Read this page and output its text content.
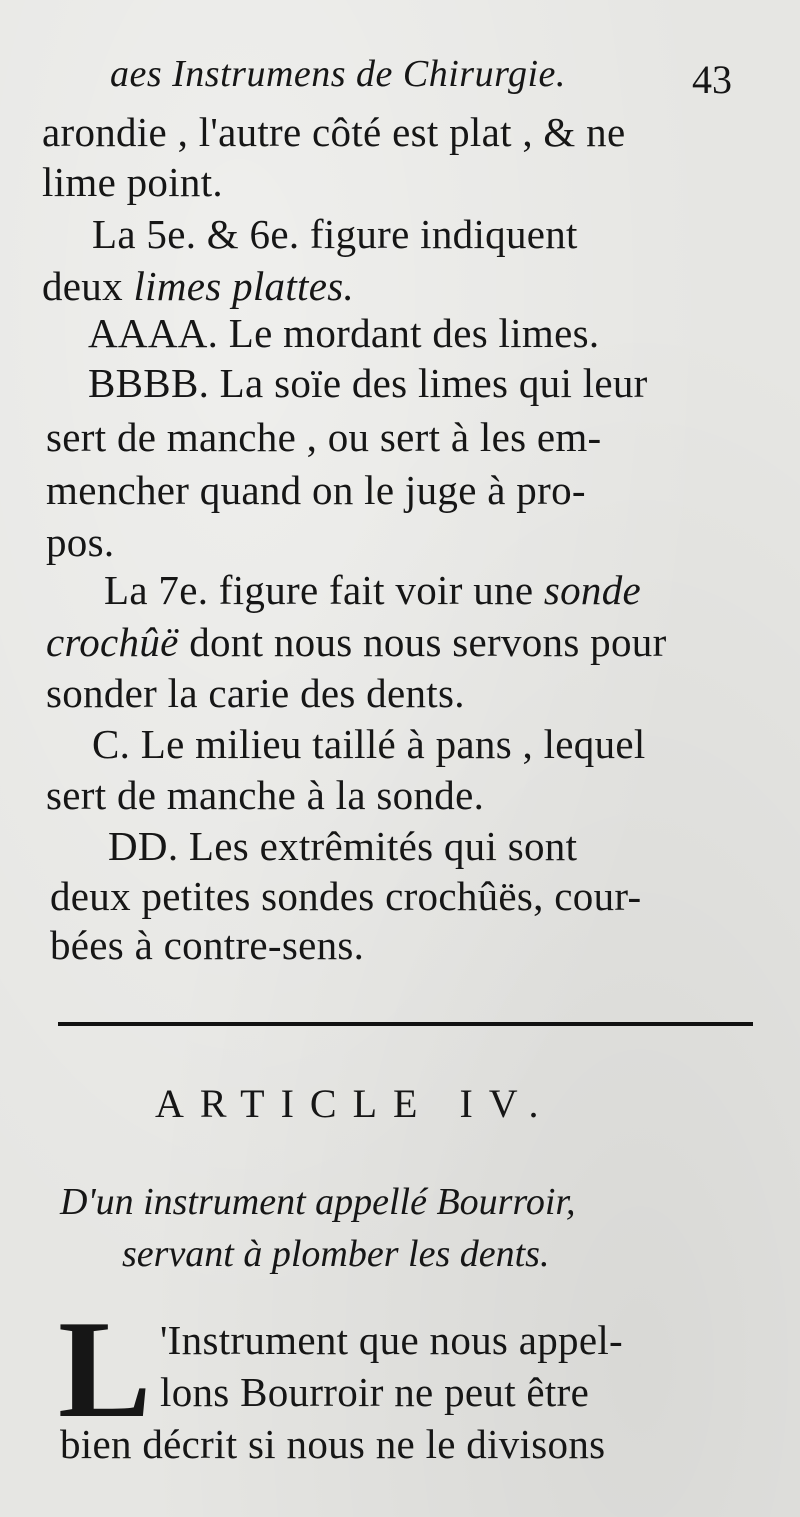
aes Instrumens de Chirurgie.	43
arondie , l'autre côté est plat , & ne
lime point.
La 5e. & 6e. figure indiquent
deux limes plattes.
AAAA. Le mordant des limes.
BBBB. La soïe des limes qui leur
sert de manche , ou sert à les em-
mencher quand on le juge à pro-
pos.
La 7e. figure fait voir une sonde
crochûë dont nous nous servons pour
sonder la carie des dents.
C. Le milieu taillé à pans , lequel
sert de manche à la sonde.
DD. Les extrêmités qui sont
deux petites sondes crochûës, cour-
bées à contre-sens.
ARTICLE IV.
D'un instrument appellé Bourroir,
servant à plomber les dents.
L 'Instrument que nous appel-
lons Bourroir ne peut être
bien décrit si nous ne le divisons
